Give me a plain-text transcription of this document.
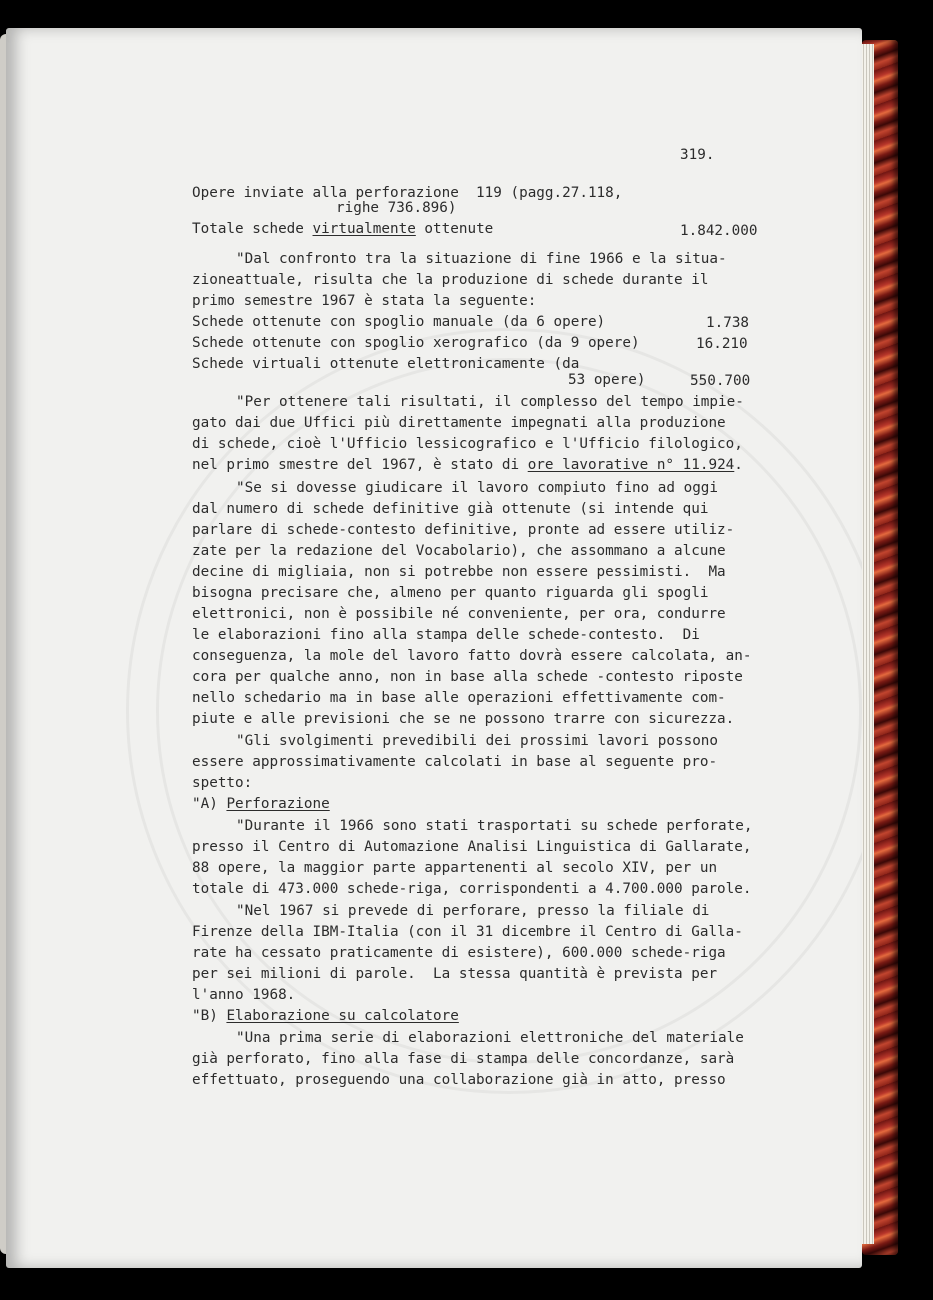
319.
Opere inviate alla perforazione  119 (pagg.27.118,
righe 736.896)
Totale schede virtualmente ottenute	1.842.000
"Dal confronto tra la situazione di fine 1966 e la situa-
zioneattuale, risulta che la produzione di schede durante il
primo semestre 1967 è stata la seguente:
Schede ottenute con spoglio manuale (da 6 opere)	1.738
Schede ottenute con spoglio xerografico (da 9 opere)	16.210
Schede virtuali ottenute elettronicamente (da
53 opere)	550.700
"Per ottenere tali risultati, il complesso del tempo impie-
gato dai due Uffici più direttamente impegnati alla produzione
di schede, cioè l'Ufficio lessicografico e l'Ufficio filologico,
nel primo smestre del 1967, è stato di ore lavorative n° 11.924.
"Se si dovesse giudicare il lavoro compiuto fino ad oggi
dal numero di schede definitive già ottenute (si intende qui
parlare di schede-contesto definitive, pronte ad essere utiliz-
zate per la redazione del Vocabolario), che assommano a alcune
decine di migliaia, non si potrebbe non essere pessimisti.  Ma
bisogna precisare che, almeno per quanto riguarda gli spogli
elettronici, non è possibile né conveniente, per ora, condurre
le elaborazioni fino alla stampa delle schede-contesto.  Di
conseguenza, la mole del lavoro fatto dovrà essere calcolata, an-
cora per qualche anno, non in base alla schede -contesto riposte
nello schedario ma in base alle operazioni effettivamente com-
piute e alle previsioni che se ne possono trarre con sicurezza.
"Gli svolgimenti prevedibili dei prossimi lavori possono
essere approssimativamente calcolati in base al seguente pro-
spetto:
"A) Perforazione
"Durante il 1966 sono stati trasportati su schede perforate,
presso il Centro di Automazione Analisi Linguistica di Gallarate,
88 opere, la maggior parte appartenenti al secolo XIV, per un
totale di 473.000 schede-riga, corrispondenti a 4.700.000 parole.
"Nel 1967 si prevede di perforare, presso la filiale di
Firenze della IBM-Italia (con il 31 dicembre il Centro di Galla-
rate ha cessato praticamente di esistere), 600.000 schede-riga
per sei milioni di parole.  La stessa quantità è prevista per
l'anno 1968.
"B) Elaborazione su calcolatore
"Una prima serie di elaborazioni elettroniche del materiale
già perforato, fino alla fase di stampa delle concordanze, sarà
effettuato, proseguendo una collaborazione già in atto, presso
